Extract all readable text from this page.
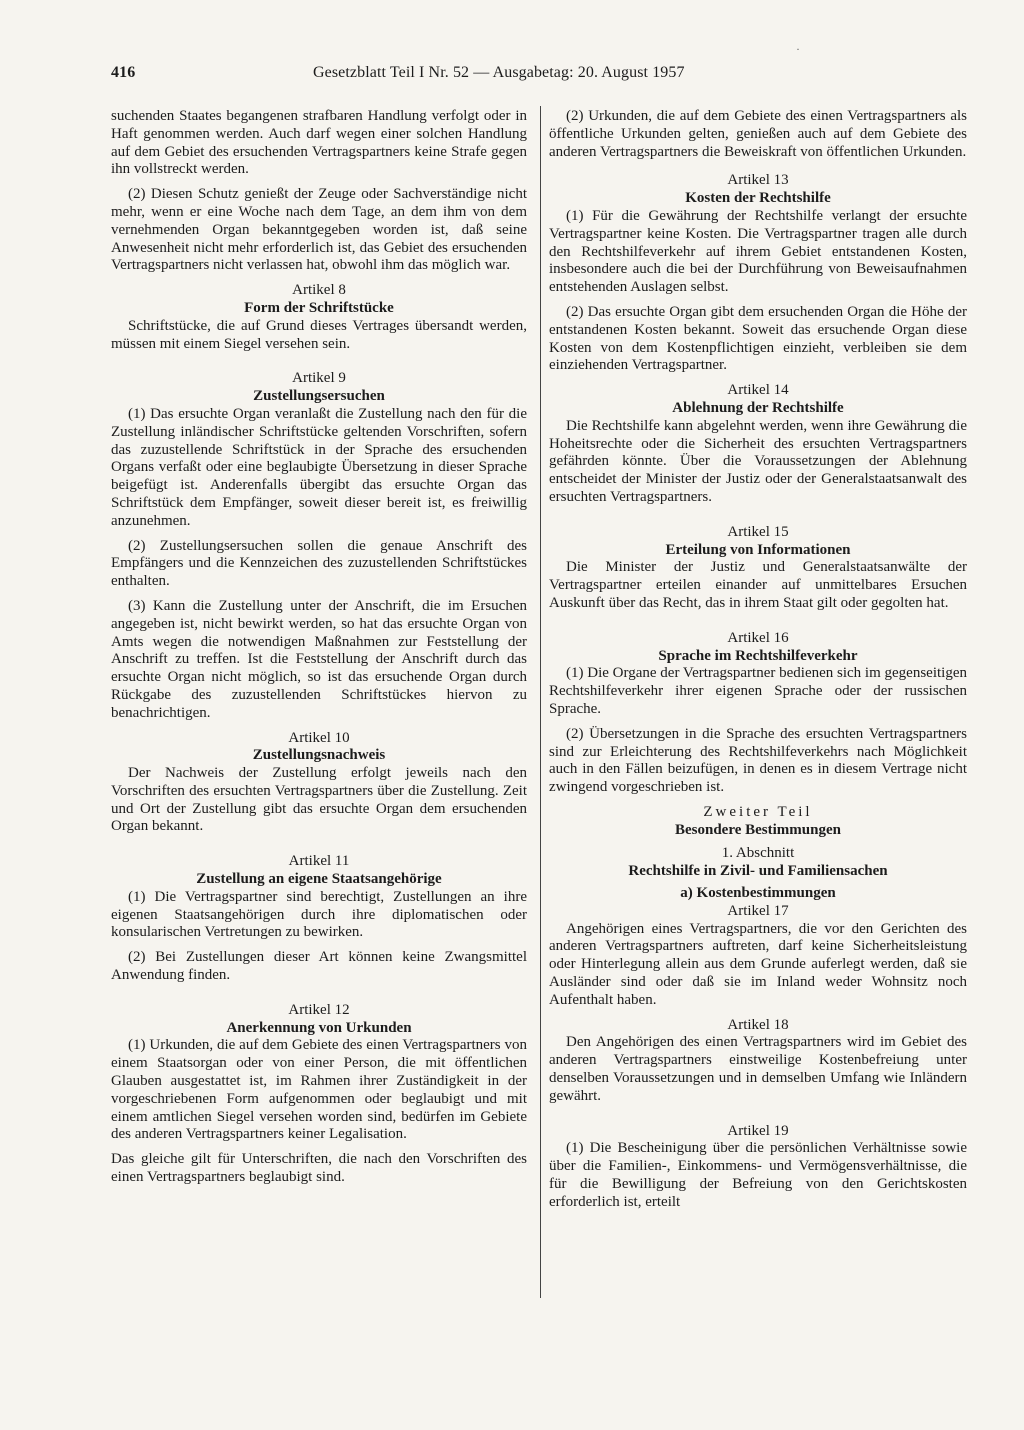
416	Gesetzblatt Teil I Nr. 52 — Ausgabetag: 20. August 1957

suchenden Staates begangenen strafbaren Handlung verfolgt oder in Haft genommen werden. Auch darf wegen einer solchen Handlung auf dem Gebiet des ersuchenden Vertragspartners keine Strafe gegen ihn vollstreckt werden.

(2) Diesen Schutz genießt der Zeuge oder Sachverständige nicht mehr, wenn er eine Woche nach dem Tage, an dem ihm von dem vernehmenden Organ bekanntgegeben worden ist, daß seine Anwesenheit nicht mehr erforderlich ist, das Gebiet des ersuchenden Vertragspartners nicht verlassen hat, obwohl ihm das möglich war.

Artikel 8
Form der Schriftstücke

Schriftstücke, die auf Grund dieses Vertrages übersandt werden, müssen mit einem Siegel versehen sein.

Artikel 9
Zustellungsersuchen

(1) Das ersuchte Organ veranlaßt die Zustellung nach den für die Zustellung inländischer Schriftstücke geltenden Vorschriften, sofern das zuzustellende Schriftstück in der Sprache des ersuchenden Organs verfaßt oder eine beglaubigte Übersetzung in dieser Sprache beigefügt ist. Anderenfalls übergibt das ersuchte Organ das Schriftstück dem Empfänger, soweit dieser bereit ist, es freiwillig anzunehmen.

(2) Zustellungsersuchen sollen die genaue Anschrift des Empfängers und die Kennzeichen des zuzustellenden Schriftstückes enthalten.

(3) Kann die Zustellung unter der Anschrift, die im Ersuchen angegeben ist, nicht bewirkt werden, so hat das ersuchte Organ von Amts wegen die notwendigen Maßnahmen zur Feststellung der Anschrift zu treffen. Ist die Feststellung der Anschrift durch das ersuchte Organ nicht möglich, so ist das ersuchende Organ durch Rückgabe des zuzustellenden Schriftstückes hiervon zu benachrichtigen.

Artikel 10
Zustellungsnachweis

Der Nachweis der Zustellung erfolgt jeweils nach den Vorschriften des ersuchten Vertragspartners über die Zustellung. Zeit und Ort der Zustellung gibt das ersuchte Organ dem ersuchenden Organ bekannt.

Artikel 11
Zustellung an eigene Staatsangehörige

(1) Die Vertragspartner sind berechtigt, Zustellungen an ihre eigenen Staatsangehörigen durch ihre diplomatischen oder konsularischen Vertretungen zu bewirken.

(2) Bei Zustellungen dieser Art können keine Zwangsmittel Anwendung finden.

Artikel 12
Anerkennung von Urkunden

(1) Urkunden, die auf dem Gebiete des einen Vertragspartners von einem Staatsorgan oder von einer Person, die mit öffentlichen Glauben ausgestattet ist, im Rahmen ihrer Zuständigkeit in der vorgeschriebenen Form aufgenommen oder beglaubigt und mit einem amtlichen Siegel versehen worden sind, bedürfen im Gebiete des anderen Vertragspartners keiner Legalisation.

Das gleiche gilt für Unterschriften, die nach den Vorschriften des einen Vertragspartners beglaubigt sind.

(2) Urkunden, die auf dem Gebiete des einen Vertragspartners als öffentliche Urkunden gelten, genießen auch auf dem Gebiete des anderen Vertragspartners die Beweiskraft von öffentlichen Urkunden.

Artikel 13
Kosten der Rechtshilfe

(1) Für die Gewährung der Rechtshilfe verlangt der ersuchte Vertragspartner keine Kosten. Die Vertragspartner tragen alle durch den Rechtshilfeverkehr auf ihrem Gebiet entstandenen Kosten, insbesondere auch die bei der Durchführung von Beweisaufnahmen entstehenden Auslagen selbst.

(2) Das ersuchte Organ gibt dem ersuchenden Organ die Höhe der entstandenen Kosten bekannt. Soweit das ersuchende Organ diese Kosten von dem Kostenpflichtigen einzieht, verbleiben sie dem einziehenden Vertragspartner.

Artikel 14
Ablehnung der Rechtshilfe

Die Rechtshilfe kann abgelehnt werden, wenn ihre Gewährung die Hoheitsrechte oder die Sicherheit des ersuchten Vertragspartners gefährden könnte. Über die Voraussetzungen der Ablehnung entscheidet der Minister der Justiz oder der Generalstaatsanwalt des ersuchten Vertragspartners.

Artikel 15
Erteilung von Informationen

Die Minister der Justiz und Generalstaatsanwälte der Vertragspartner erteilen einander auf unmittelbares Ersuchen Auskunft über das Recht, das in ihrem Staat gilt oder gegolten hat.

Artikel 16
Sprache im Rechtshilfeverkehr

(1) Die Organe der Vertragspartner bedienen sich im gegenseitigen Rechtshilfeverkehr ihrer eigenen Sprache oder der russischen Sprache.

(2) Übersetzungen in die Sprache des ersuchten Vertragspartners sind zur Erleichterung des Rechtshilfeverkehrs nach Möglichkeit auch in den Fällen beizufügen, in denen es in diesem Vertrage nicht zwingend vorgeschrieben ist.

Zweiter Teil
Besondere Bestimmungen
1. Abschnitt
Rechtshilfe in Zivil- und Familiensachen
a) Kostenbestimmungen
Artikel 17

Angehörigen eines Vertragspartners, die vor den Gerichten des anderen Vertragspartners auftreten, darf keine Sicherheitsleistung oder Hinterlegung allein aus dem Grunde auferlegt werden, daß sie Ausländer sind oder daß sie im Inland weder Wohnsitz noch Aufenthalt haben.

Artikel 18

Den Angehörigen des einen Vertragspartners wird im Gebiet des anderen Vertragspartners einstweilige Kostenbefreiung unter denselben Voraussetzungen und in demselben Umfang wie Inländern gewährt.

Artikel 19

(1) Die Bescheinigung über die persönlichen Verhältnisse sowie über die Familien-, Einkommens- und Vermögensverhältnisse, die für die Bewilligung der Befreiung von den Gerichtskosten erforderlich ist, erteilt

·
